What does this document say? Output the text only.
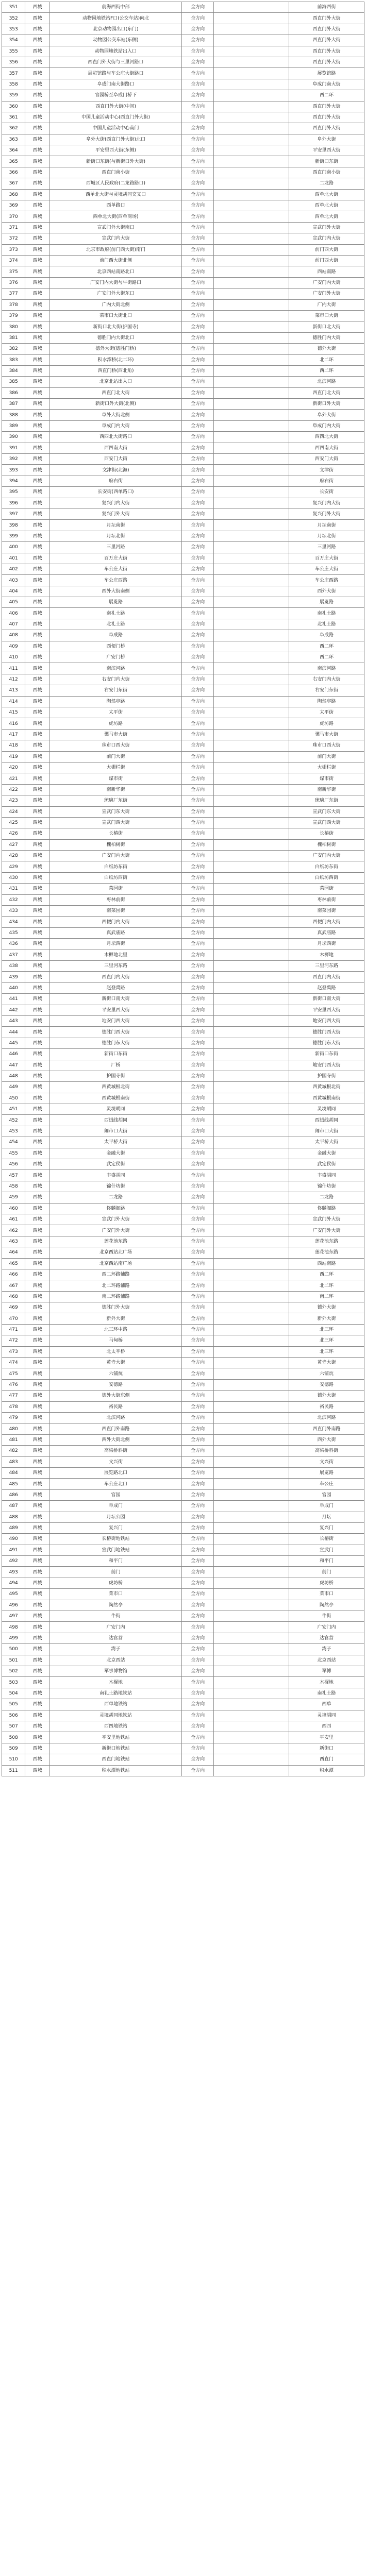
351	西城	前海西街中部	全方向		前海西街
352	西城	动物园地铁站F口(公交车站)向北	全方向		西直门外大街
353	西城	北京动物园出口(东门)	全方向		西直门外大街
354	西城	动物园公交车站(东侧)	全方向		西直门外大街
355	西城	动物园地铁站出入口	全方向		西直门外大街
356	西城	西直门外大街与三里河路口	全方向		西直门外大街
357	西城	展览馆路与车公庄大街路口	全方向		展览馆路
358	西城	阜成门南大街路口	全方向		阜成门南大街
359	西城	官园桥至阜成门桥下	全方向		西二环
360	西城	西直门外大街(中间)	全方向		西直门外大街
361	西城	中国儿童活动中心(西直门外大街)	全方向		西直门外大街
362	西城	中国儿童活动中心南门	全方向		西直门外大街
363	西城	阜外大街(西直门外大街)北口	全方向		阜外大街
364	西城	平安里西大街(东侧)	全方向		平安里西大街
365	西城	新街口东街(与新街口外大街)	全方向		新街口东街
366	西城	西直门南小街	全方向		西直门南小街
367	西城	西城区人民政府(二龙路路口)	全方向		二龙路
368	西城	西单北大街与灵境胡同交叉口	全方向		西单北大街
369	西城	西单路口	全方向		西单北大街
370	西城	西单北大街(西单商场)	全方向		西单北大街
371	西城	宣武门外大街南口	全方向		宣武门外大街
372	西城	宣武门内大街	全方向		宣武门内大街
373	西城	北京市政府(前门西大街)南门	全方向		前门西大街
374	西城	前门西大街北侧	全方向		前门西大街
375	西城	北京西站南路北口	全方向		西站南路
376	西城	广安门内大街与牛街路口	全方向		广安门内大街
377	西城	广安门外大街东口	全方向		广安门外大街
378	西城	广内大街北侧	全方向		广内大街
379	西城	菜市口大街北口	全方向		菜市口大街
380	西城	新街口北大街(护国寺)	全方向		新街口北大街
381	西城	德胜门内大街北口	全方向		德胜门内大街
382	西城	德外大街(德胜门桥)	全方向		德外大街
383	西城	积水潭桥(北二环)	全方向		北二环
384	西城	西直门桥(西北角)	全方向		西二环
385	西城	北京北站出入口	全方向		北滨河路
386	西城	西直门北大街	全方向		西直门北大街
387	西城	新街口外大街(北侧)	全方向		新街口外大街
388	西城	阜外大街北侧	全方向		阜外大街
389	西城	阜成门内大街	全方向		阜成门内大街
390	西城	西四北大街路口	全方向		西四北大街
391	西城	西四南大街	全方向		西四南大街
392	西城	西安门大街	全方向		西安门大街
393	西城	文津街(北海)	全方向		文津街
394	西城	府右街	全方向		府右街
395	西城	长安街(西单路口)	全方向		长安街
396	西城	复兴门内大街	全方向		复兴门内大街
397	西城	复兴门外大街	全方向		复兴门外大街
398	西城	月坛南街	全方向		月坛南街
399	西城	月坛北街	全方向		月坛北街
400	西城	三里河路	全方向		三里河路
401	西城	百万庄大街	全方向		百万庄大街
402	西城	车公庄大街	全方向		车公庄大街
403	西城	车公庄西路	全方向		车公庄西路
404	西城	西外大街南侧	全方向		西外大街
405	西城	展览路	全方向		展览路
406	西城	南礼士路	全方向		南礼士路
407	西城	北礼士路	全方向		北礼士路
408	西城	阜成路	全方向		阜成路
409	西城	西便门桥	全方向		西二环
410	西城	广安门桥	全方向		西二环
411	西城	南滨河路	全方向		南滨河路
412	西城	右安门内大街	全方向		右安门内大街
413	西城	右安门东街	全方向		右安门东街
414	西城	陶然亭路	全方向		陶然亭路
415	西城	太平街	全方向		太平街
416	西城	虎坊路	全方向		虎坊路
417	西城	骡马市大街	全方向		骡马市大街
418	西城	珠市口西大街	全方向		珠市口西大街
419	西城	前门大街	全方向		前门大街
420	西城	大栅栏街	全方向		大栅栏街
421	西城	煤市街	全方向		煤市街
422	西城	南新华街	全方向		南新华街
423	西城	琉璃厂东街	全方向		琉璃厂东街
424	西城	宣武门东大街	全方向		宣武门东大街
425	西城	宣武门西大街	全方向		宣武门西大街
426	西城	长椿街	全方向		长椿街
427	西城	槐柏树街	全方向		槐柏树街
428	西城	广安门内大街	全方向		广安门内大街
429	西城	白纸坊东街	全方向		白纸坊东街
430	西城	白纸坊西街	全方向		白纸坊西街
431	西城	菜园街	全方向		菜园街
432	西城	枣林前街	全方向		枣林前街
433	西城	南菜园街	全方向		南菜园街
434	西城	西便门内大街	全方向		西便门内大街
435	西城	真武庙路	全方向		真武庙路
436	西城	月坛西街	全方向		月坛西街
437	西城	木樨地北里	全方向		木樨地
438	西城	三里河东路	全方向		三里河东路
439	西城	西直门内大街	全方向		西直门内大街
440	西城	赵登禹路	全方向		赵登禹路
441	西城	新街口南大街	全方向		新街口南大街
442	西城	平安里西大街	全方向		平安里西大街
443	西城	地安门西大街	全方向		地安门西大街
444	西城	德胜门西大街	全方向		德胜门西大街
445	西城	德胜门东大街	全方向		德胜门东大街
446	西城	新街口东街	全方向		新街口东街
447	西城	厂桥	全方向		地安门西大街
448	西城	护国寺街	全方向		护国寺街
449	西城	西黄城根北街	全方向		西黄城根北街
450	西城	西黄城根南街	全方向		西黄城根南街
451	西城	灵境胡同	全方向		灵境胡同
452	西城	西绒线胡同	全方向		西绒线胡同
453	西城	闹市口大街	全方向		闹市口大街
454	西城	太平桥大街	全方向		太平桥大街
455	西城	金融大街	全方向		金融大街
456	西城	武定侯街	全方向		武定侯街
457	西城	丰盛胡同	全方向		丰盛胡同
458	西城	锦什坊街	全方向		锦什坊街
459	西城	二龙路	全方向		二龙路
460	西城	佟麟阁路	全方向		佟麟阁路
461	西城	宣武门外大街	全方向		宣武门外大街
462	西城	广安门外大街	全方向		广安门外大街
463	西城	莲花池东路	全方向		莲花池东路
464	西城	北京西站北广场	全方向		莲花池东路
465	西城	北京西站南广场	全方向		西站南路
466	西城	西二环路辅路	全方向		西二环
467	西城	北二环路辅路	全方向		北二环
468	西城	南二环路辅路	全方向		南二环
469	西城	德胜门外大街	全方向		德外大街
470	西城	新外大街	全方向		新外大街
471	西城	北三环中路	全方向		北三环
472	西城	马甸桥	全方向		北三环
473	西城	北太平桥	全方向		北三环
474	西城	黄寺大街	全方向		黄寺大街
475	西城	六铺炕	全方向		六铺炕
476	西城	安德路	全方向		安德路
477	西城	德外大街东侧	全方向		德外大街
478	西城	裕民路	全方向		裕民路
479	西城	北滨河路	全方向		北滨河路
480	西城	西直门外南路	全方向		西直门外南路
481	西城	西外大街北侧	全方向		西外大街
482	西城	高梁桥斜街	全方向		高梁桥斜街
483	西城	文兴街	全方向		文兴街
484	西城	展览路北口	全方向		展览路
485	西城	车公庄北口	全方向		车公庄
486	西城	官园	全方向		官园
487	西城	阜成门	全方向		阜成门
488	西城	月坛公园	全方向		月坛
489	西城	复兴门	全方向		复兴门
490	西城	长椿街地铁站	全方向		长椿街
491	西城	宣武门地铁站	全方向		宣武门
492	西城	和平门	全方向		和平门
493	西城	前门	全方向		前门
494	西城	虎坊桥	全方向		虎坊桥
495	西城	菜市口	全方向		菜市口
496	西城	陶然亭	全方向		陶然亭
497	西城	牛街	全方向		牛街
498	西城	广安门内	全方向		广安门内
499	西城	达官营	全方向		达官营
500	西城	湾子	全方向		湾子
501	西城	北京西站	全方向		北京西站
502	西城	军事博物馆	全方向		军博
503	西城	木樨地	全方向		木樨地
504	西城	南礼士路地铁站	全方向		南礼士路
505	西城	西单地铁站	全方向		西单
506	西城	灵境胡同地铁站	全方向		灵境胡同
507	西城	西四地铁站	全方向		西四
508	西城	平安里地铁站	全方向		平安里
509	西城	新街口地铁站	全方向		新街口
510	西城	西直门地铁站	全方向		西直门
511	西城	积水潭地铁站	全方向		积水潭
